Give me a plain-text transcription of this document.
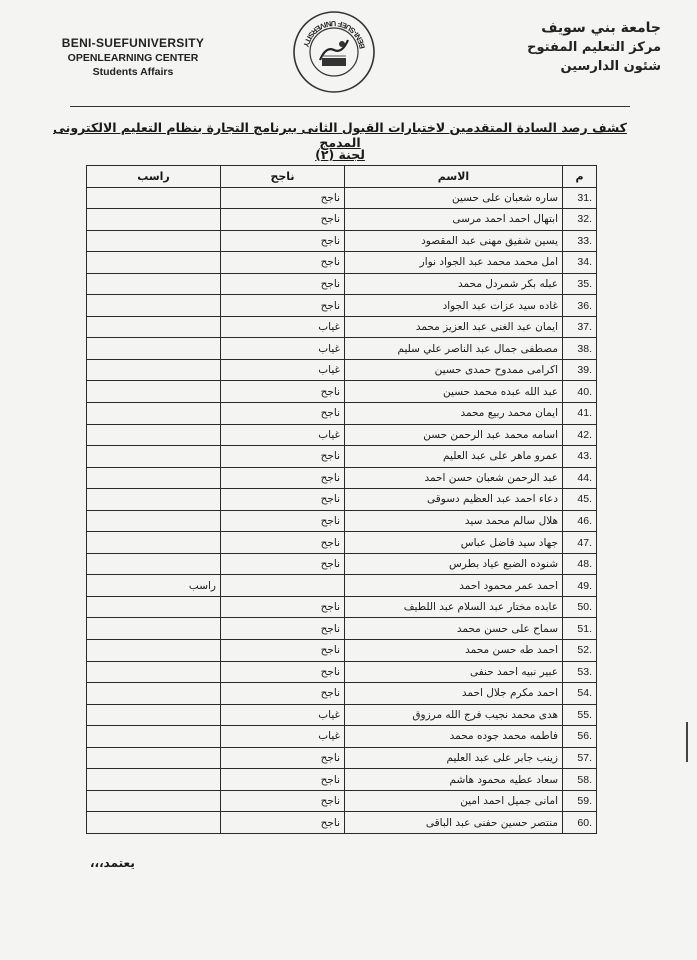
BENI-SUEFUNIVERSITY
OPENLEARNING CENTER
Students Affairs
BENI-SUEF UNIVERSITY
جامعة بني سويف
مركز التعليم المفتوح
شئون الدارسين
كشف رصد السادة المتقدمين لاختبارات القبول الثانى ببرنامج التجارة بنظام التعليم الالكترونى المدمج
لجنة (٢)
م	الاسم	ناجح	راسب
31.	ساره شعبان على حسين	ناجح	
32.	ابتهال احمد احمد مرسى	ناجح	
33.	يسين شفيق مهنى عبد المقصود	ناجح	
34.	امل محمد محمد عبد الجواد نوار	ناجح	
35.	عبله بكر شمردل محمد	ناجح	
36.	غاده سيد عزات عبد الجواد	ناجح	
37.	ايمان عبد الغنى عبد العزيز محمد	غياب	
38.	مصطفى جمال عبد الناصر علي سليم	غياب	
39.	اكرامى ممدوح حمدى حسين	غياب	
40.	عبد الله عبده محمد حسين	ناجح	
41.	ايمان محمد ربيع محمد	ناجح	
42.	اسامه محمد عبد الرحمن حسن	غياب	
43.	عمرو ماهر على عبد العليم	ناجح	
44.	عبد الرحمن شعبان حسن احمد	ناجح	
45.	دعاء احمد عبد العظيم دسوقى	ناجح	
46.	هلال سالم محمد سيد	ناجح	
47.	جهاد سيد فاضل عباس	ناجح	
48.	شنوده الضبع عياد بطرس	ناجح	
49.	احمد عمر محمود احمد		راسب
50.	عابده مختار عبد السلام عبد اللطيف	ناجح	
51.	سماح على حسن محمد	ناجح	
52.	احمد طه حسن محمد	ناجح	
53.	عبير نبيه احمد حنفى	ناجح	
54.	احمد مكرم جلال احمد	ناجح	
55.	هدى محمد نجيب فرج الله مرزوق	غياب	
56.	فاطمه محمد جوده محمد	غياب	
57.	زينب جابر على عبد العليم	ناجح	
58.	سعاد عطيه محمود هاشم	ناجح	
59.	امانى جميل احمد امين	ناجح	
60.	منتصر حسين حفنى عبد الباقى	ناجح	
يعتمد،،،
